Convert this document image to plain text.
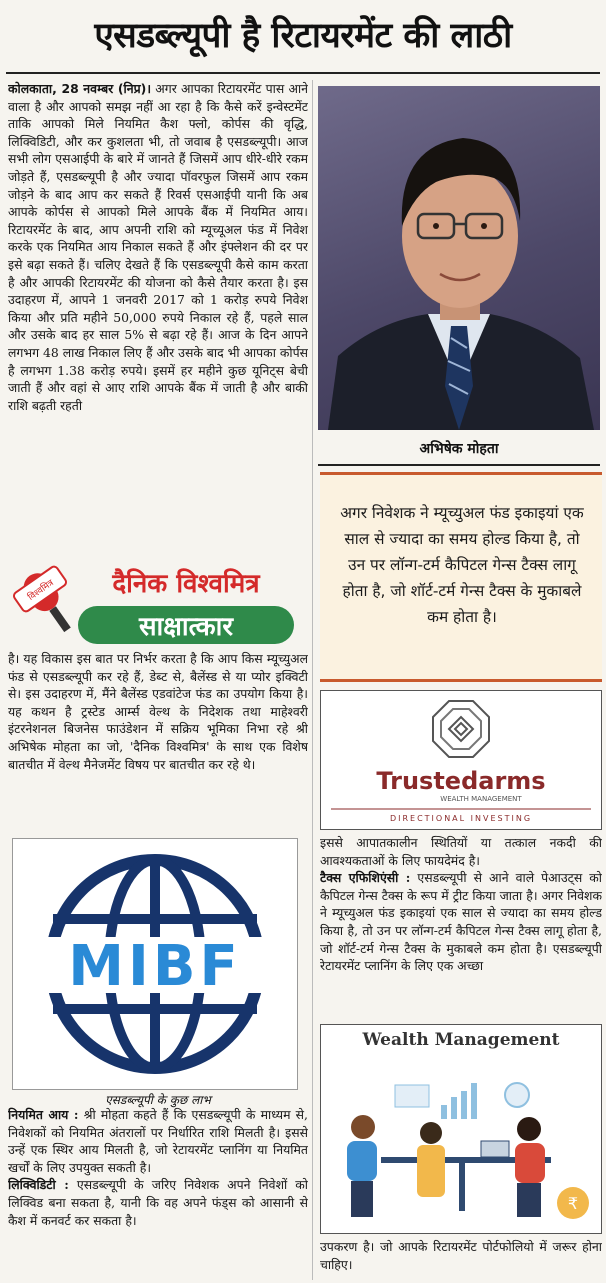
एसडब्ल्यूपी है रिटायरमेंट की लाठी
कोलकाता, 28 नवम्बर (निप्र)। अगर आपका रिटायरमेंट पास आने वाला है और आपको समझ नहीं आ रहा है कि कैसे करें इन्वेस्टमेंट ताकि आपको मिले नियमित कैश फ्लो, कोर्पस की वृद्धि, लिक्विडिटी, और कर कुशलता भी, तो जवाब है एसडब्ल्यूपी। आज सभी लोग एसआईपी के बारे में जानते हैं जिसमें आप धीरे-धीरे रकम जोड़ते हैं, एसडब्ल्यूपी है और ज्यादा पॉवरफुल जिसमें आप रकम जोड़ने के बाद आप कर सकते हैं रिवर्स एसआईपी यानी कि अब आपके कोर्पस से आपको मिले आपके बैंक में नियमित आय। रिटायरमेंट के बाद, आप अपनी राशि को म्यूच्यूअल फंड में निवेश करके एक नियमित आय निकाल सकते हैं और इंफ्लेशन की दर पर इसे बढ़ा सकते हैं। चलिए देखते हैं कि एसडब्ल्यूपी कैसे काम करता है और आपकी रिटायरमेंट की योजना को कैसे तैयार करता है। इस उदाहरण में, आपने 1 जनवरी 2017 को 1 करोड़ रुपये निवेश किया और प्रति महीने 50,000 रुपये निकाल रहे हैं, पहले साल और उसके बाद हर साल 5% से बढ़ा रहे हैं। आज के दिन आपने लगभग 48 लाख निकाल लिए हैं और उसके बाद भी आपका कोर्पस है लगभग 1.38 करोड़ रुपये। इसमें हर महीने कुछ यूनिट्स बेची जाती हैं और वहां से आए राशि आपके बैंक में जाती है और बाकी राशि बढ़ती रहती
अभिषेक मोहता
अगर निवेशक ने म्यूच्युअल फंड इकाइयां एक साल से ज्यादा का समय होल्ड किया है, तो उन पर लॉन्ग-टर्म कैपिटल गेन्स टैक्स लागू होता है, जो शॉर्ट-टर्म गेन्स टैक्स के मुकाबले कम होता है।
विश्वमित्र दैनिक विश्वमित्र
साक्षात्कार
है। यह विकास इस बात पर निर्भर करता है कि आप किस म्यूच्युअल फंड से एसडब्ल्यूपी कर रहे हैं, डेब्ट से, बैलेंस्ड से या प्योर इक्विटी से। इस उदाहरण में, मैंने बैलेंस्ड एडवांटेज फंड का उपयोग किया है। यह कथन है ट्रस्टेड आर्म्स वेल्थ के निदेशक तथा माहेश्वरी इंटरनेशनल बिजनेस फाउंडेशन में सक्रिय भूमिका निभा रहे श्री अभिषेक मोहता का जो, 'दैनिक विश्वमित्र' के साथ एक विशेष बातचीत में वेल्थ मैनेजमेंट विषय पर बातचीत कर रहे थे।
Trustedarms
WEALTH MANAGEMENT
DIRECTIONAL INVESTING
MIBF
एसडब्ल्यूपी के कुछ लाभ

नियमित आय : श्री मोहता कहते हैं कि एसडब्ल्यूपी के माध्यम से, निवेशकों को नियमित अंतरालों पर निर्धारित राशि मिलती है। इससे उन्हें एक स्थिर आय मिलती है, जो रेटायरमेंट प्लानिंग या नियमित खर्चों के लिए उपयुक्त सकती है।

लिक्विडिटी : एसडब्ल्यूपी के जरिए निवेशक अपने निवेशों को लिक्विड बना सकता है, यानी कि वह अपने फंड्स को आसानी से कैश में कनवर्ट कर सकता है।

इससे आपातकालीन स्थितियों या तत्काल नकदी की आवश्यकताओं के लिए फायदेमंद है।

टैक्स एफिशिएंसी : एसडब्ल्यूपी से आने वाले पेआउट्स को कैपिटल गेन्स टैक्स के रूप में ट्रीट किया जाता है। अगर निवेशक ने म्यूच्युअल फंड इकाइयां एक साल से ज्यादा का समय होल्ड किया है, तो उन पर लॉन्ग-टर्म कैपिटल गेन्स टैक्स लागू होता है, जो शॉर्ट-टर्म गेन्स टैक्स के मुकाबले कम होता है। एसडब्ल्यूपी रेटायरमेंट प्लानिंग के लिए एक अच्छा

₹
Wealth Management
उपकरण है। जो आपके रिटायरमेंट पोर्टफोलियो में जरूर होना चाहिए।
